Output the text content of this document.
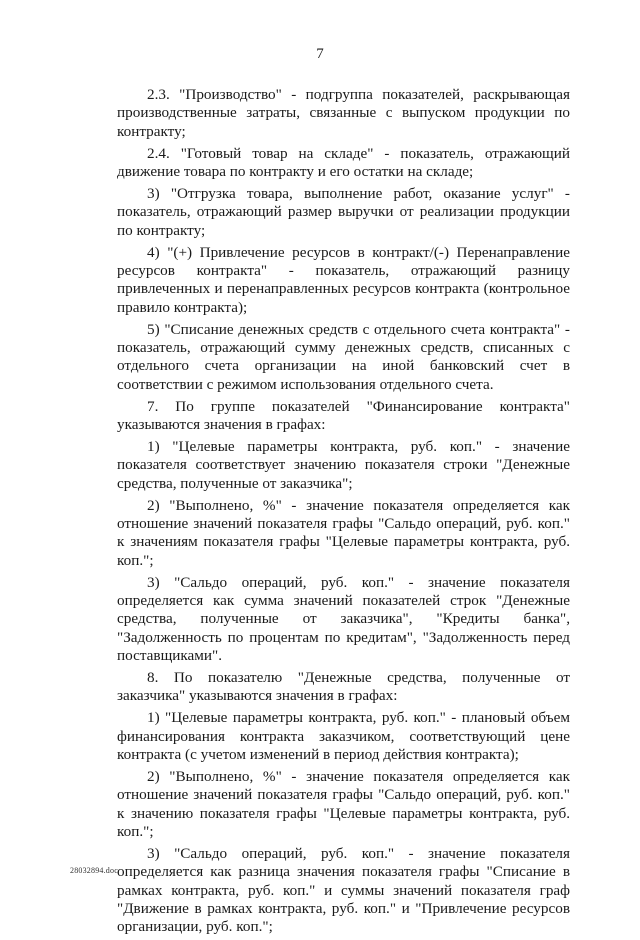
7

2.3. "Производство" - подгруппа показателей, раскрывающая производственные затраты, связанные с выпуском продукции по контракту;

2.4. "Готовый товар на складе" - показатель, отражающий движение товара по контракту и его остатки на складе;

3) "Отгрузка товара, выполнение работ, оказание услуг" - показатель, отражающий размер выручки от реализации продукции по контракту;

4) "(+) Привлечение ресурсов в контракт/(-) Перенаправление ресурсов контракта" - показатель, отражающий разницу привлеченных и перенаправленных ресурсов контракта (контрольное правило контракта);

5) "Списание денежных средств с отдельного счета контракта" - показатель, отражающий сумму денежных средств, списанных с отдельного счета организации на иной банковский счет в соответствии с режимом использования отдельного счета.

7. По группе показателей "Финансирование контракта" указываются значения в графах:

1) "Целевые параметры контракта, руб. коп." - значение показателя соответствует значению показателя строки "Денежные средства, полученные от заказчика";

2) "Выполнено, %" - значение показателя определяется как отношение значений показателя графы "Сальдо операций, руб. коп." к значениям показателя графы "Целевые параметры контракта, руб. коп.";

3) "Сальдо операций, руб. коп." - значение показателя определяется как сумма значений показателей строк "Денежные средства, полученные от заказчика", "Кредиты банка", "Задолженность по процентам по кредитам", "Задолженность перед поставщиками".

8. По показателю "Денежные средства, полученные от заказчика" указываются значения в графах:

1) "Целевые параметры контракта, руб. коп." - плановый объем финансирования контракта заказчиком, соответствующий цене контракта (с учетом изменений в период действия контракта);

2) "Выполнено, %" - значение показателя определяется как отношение значений показателя графы "Сальдо операций, руб. коп." к значению показателя графы "Целевые параметры контракта, руб. коп.";

3) "Сальдо операций, руб. коп." - значение показателя определяется как разница значения показателя графы "Списание в рамках контракта, руб. коп." и суммы значений показателя граф "Движение в рамках контракта, руб. коп." и "Привлечение ресурсов организации, руб. коп.";

28032894.doc
